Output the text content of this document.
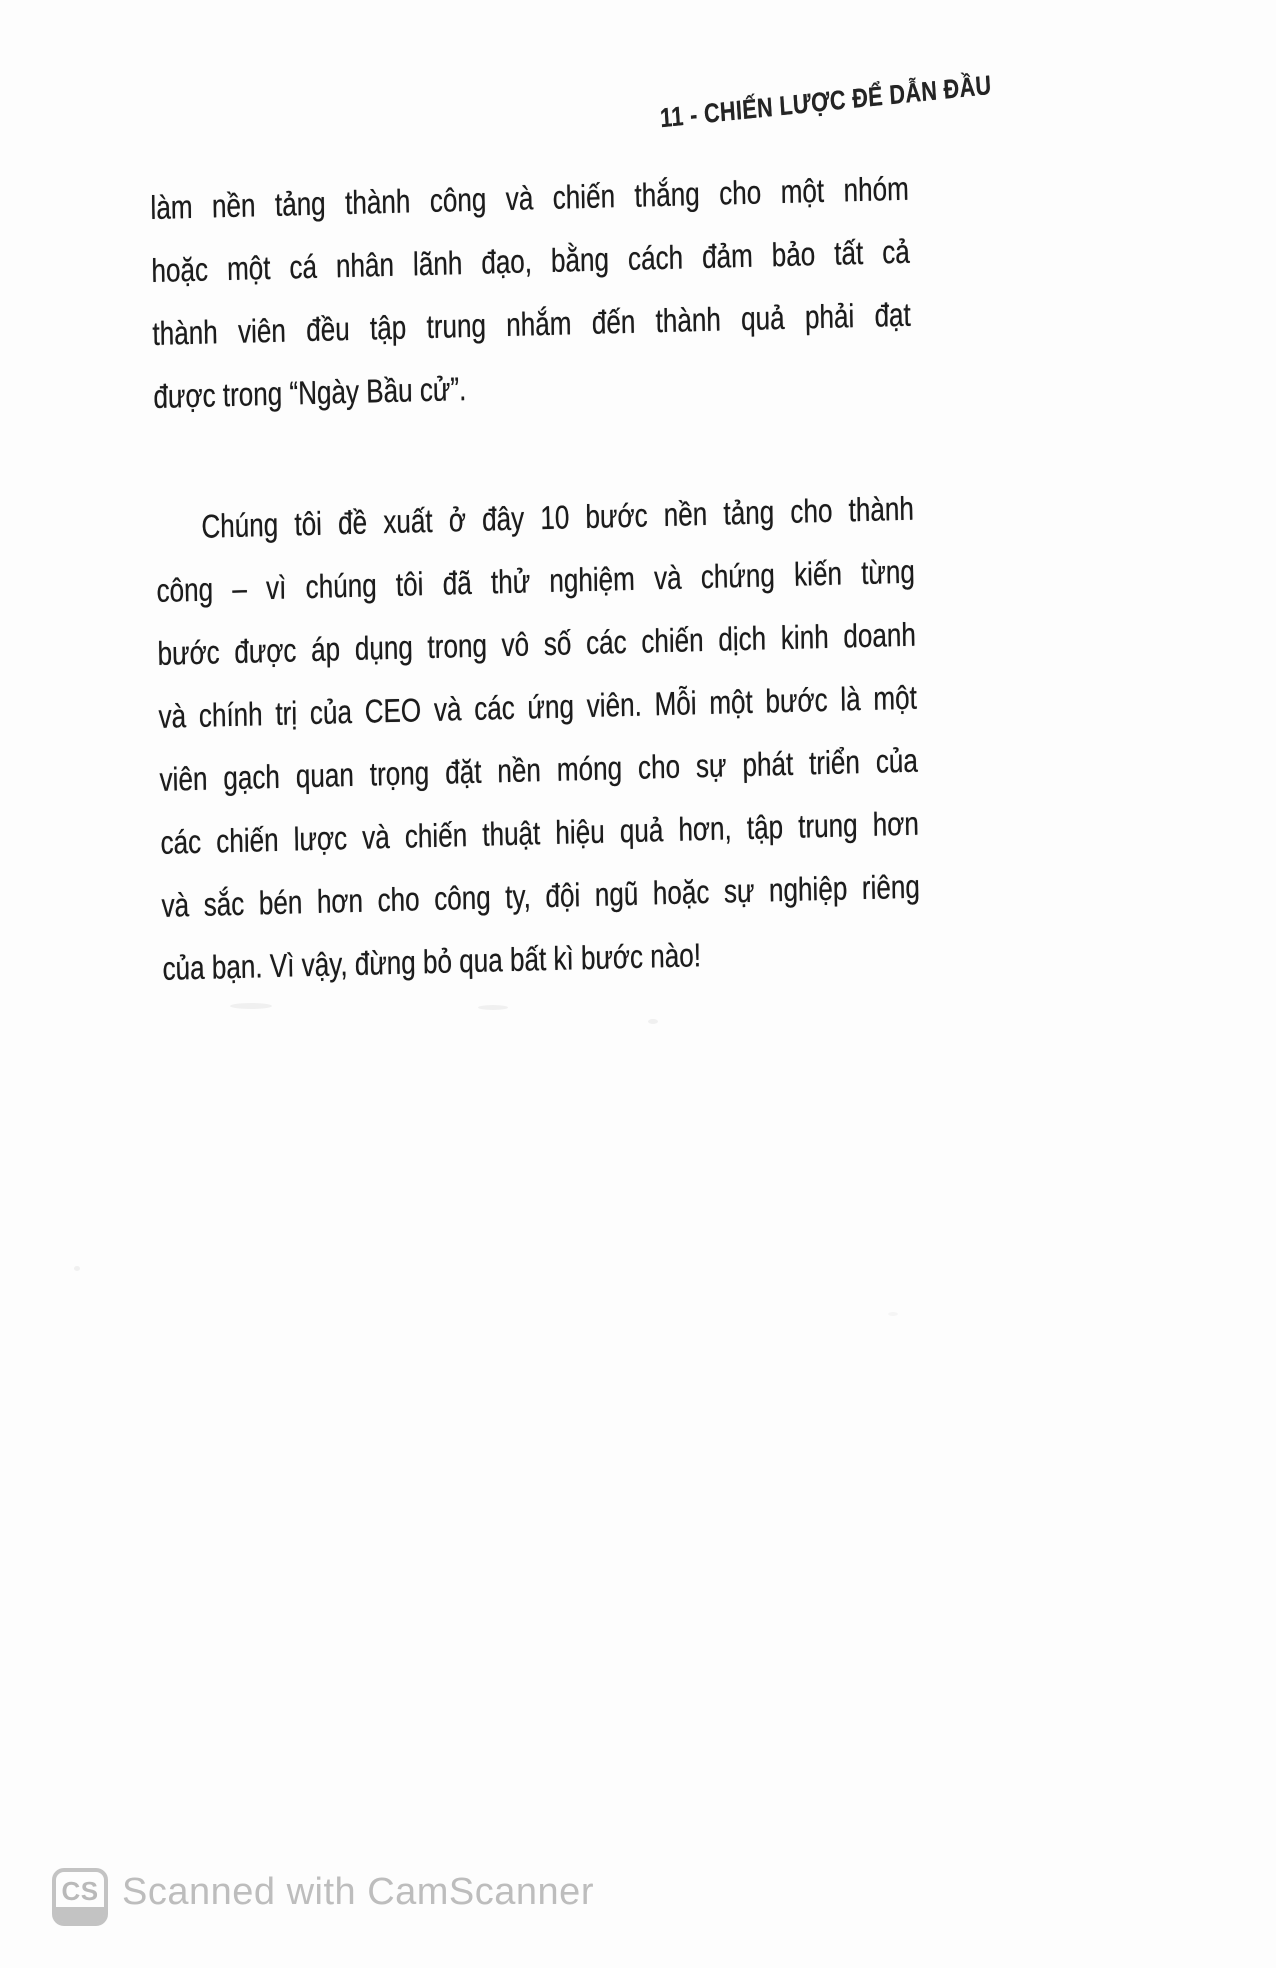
11 - CHIẾN LƯỢC ĐỂ DẪN ĐẦU
làm nền tảng thành công và chiến thắng cho một nhóm
hoặc một cá nhân lãnh đạo, bằng cách đảm bảo tất cả
thành viên đều tập trung nhắm đến thành quả phải đạt
được trong “Ngày Bầu cử”.
Chúng tôi đề xuất ở đây 10 bước nền tảng cho thành
công – vì chúng tôi đã thử nghiệm và chứng kiến từng
bước được áp dụng trong vô số các chiến dịch kinh doanh
và chính trị của CEO và các ứng viên. Mỗi một bước là một
viên gạch quan trọng đặt nền móng cho sự phát triển của
các chiến lược và chiến thuật hiệu quả hơn, tập trung hơn
và sắc bén hơn cho công ty, đội ngũ hoặc sự nghiệp riêng
của bạn. Vì vậy, đừng bỏ qua bất kì bước nào!
CS Scanned with CamScanner
